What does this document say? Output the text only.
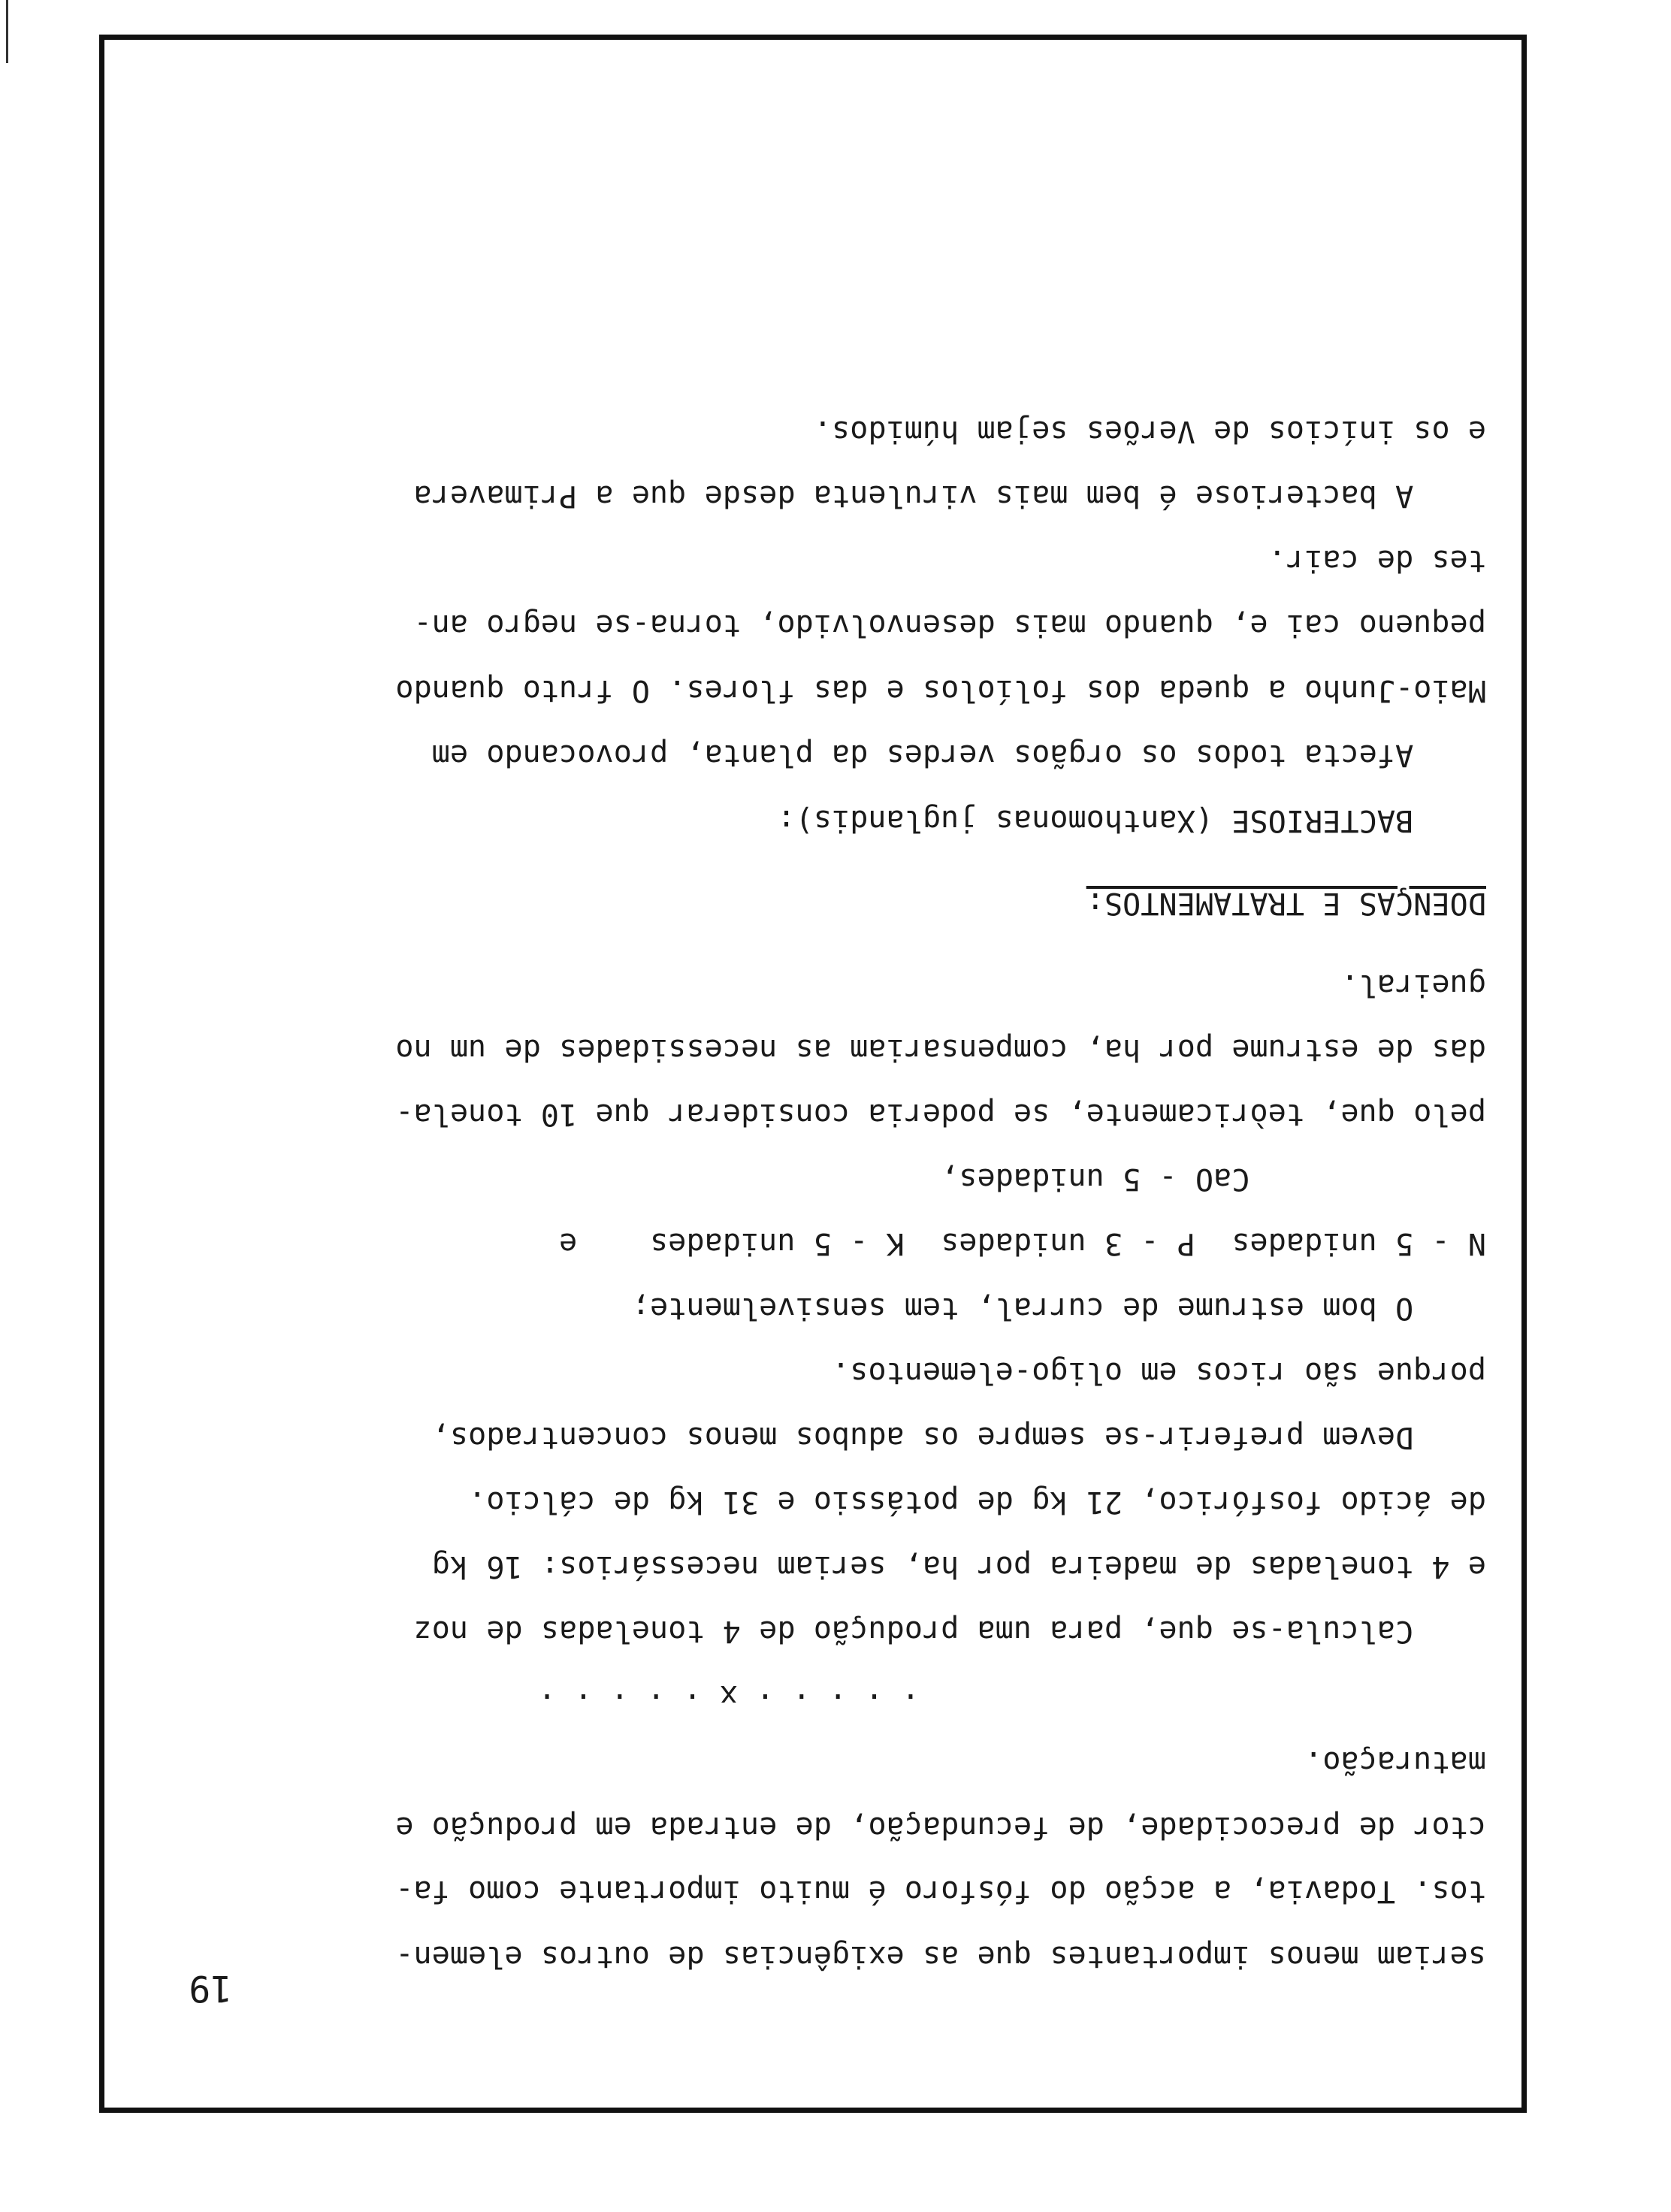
19
seriam menos importantes que as exigências de outros elemen-
tos. Todavia, a acção do fósforo é muito importante como fa-
ctor de precocidade, de fecundação, de entrada em produção e
maturação.
· · · · · x · · · · ·
Calcula-se que, para uma produção de 4 toneladas de noz
e 4 toneladas de madeira por ha, seriam necessários: 16 kg
de ácido fosfórico, 21 kg de potássio e 31 kg de cálcio.
Devem preferir-se sempre os adubos menos concentrados,
porque são ricos em oligo-elementos.
O bom estrume de curral, tem sensivelmente;
N - 5 unidades  P - 3 unidades  K - 5 unidades    e
CaO - 5 unidades,
pelo que, teòricamente, se poderia considerar que 10 tonela-
das de estrume por ha, compensariam as necessidades de um no
gueiral.
DOENÇAS E TRATAMENTOS:
BACTERIOSE (Xanthomonas juglandis):
Afecta todos os orgãos verdes da planta, provocando em
Maio-Junho a queda dos folíolos e das flores. O fruto quando
pequeno cai e, quando mais desenvolvido, torna-se negro an-
tes de cair.
A bacteriose é bem mais virulenta desde que a Primavera
e os inícios de Verões sejam húmidos.
